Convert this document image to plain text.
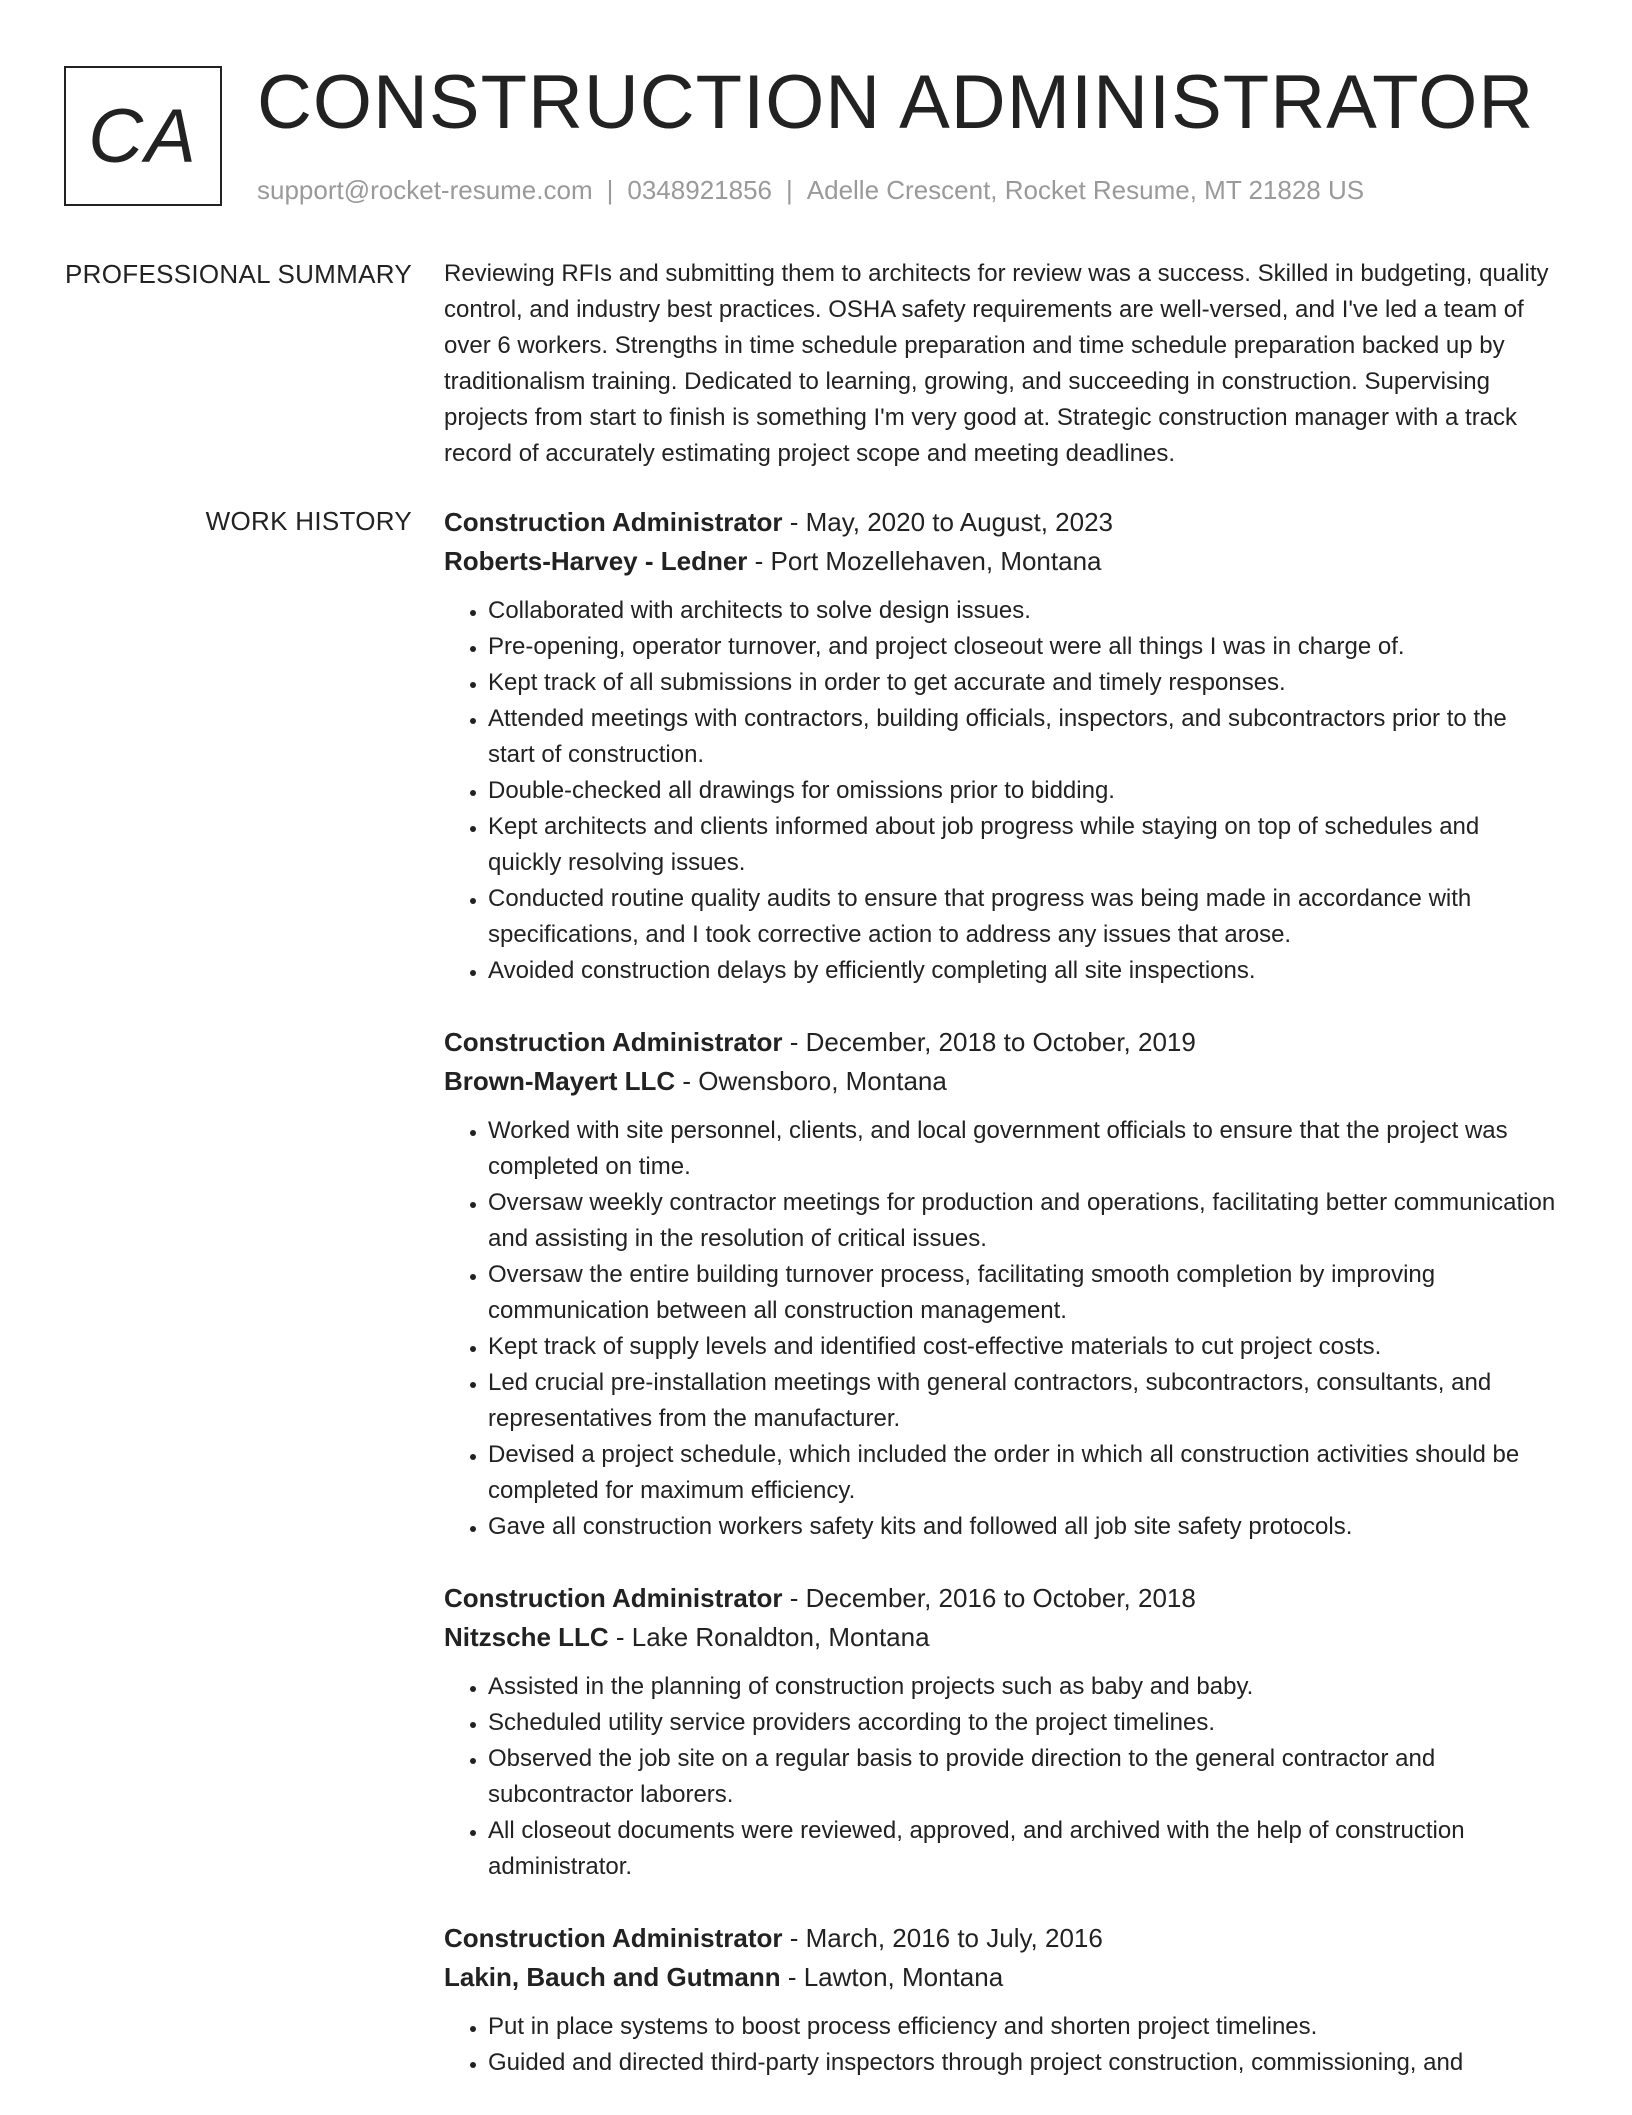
CA CONSTRUCTION ADMINISTRATOR
support@rocket-resume.com | 0348921856 | Adelle Crescent, Rocket Resume, MT 21828 US
PROFESSIONAL SUMMARY Reviewing RFIs and submitting them to architects for review was a success. Skilled in budgeting, quality control, and industry best practices. OSHA safety requirements are well-versed, and I've led a team of over 6 workers. Strengths in time schedule preparation and time schedule preparation backed up by traditionalism training. Dedicated to learning, growing, and succeeding in construction. Supervising projects from start to finish is something I'm very good at. Strategic construction manager with a track record of accurately estimating project scope and meeting deadlines.

WORK HISTORY Construction Administrator - May, 2020 to August, 2023

Roberts-Harvey - Ledner - Port Mozellehaven, Montana

• Collaborated with architects to solve design issues.
• Pre-opening, operator turnover, and project closeout were all things I was in charge of.
• Kept track of all submissions in order to get accurate and timely responses.
• Attended meetings with contractors, building officials, inspectors, and subcontractors prior to the start of construction.
• Double-checked all drawings for omissions prior to bidding.
• Kept architects and clients informed about job progress while staying on top of schedules and quickly resolving issues.
• Conducted routine quality audits to ensure that progress was being made in accordance with specifications, and I took corrective action to address any issues that arose.
• Avoided construction delays by efficiently completing all site inspections.

Construction Administrator - December, 2018 to October, 2019

Brown-Mayert LLC - Owensboro, Montana

• Worked with site personnel, clients, and local government officials to ensure that the project was completed on time.
• Oversaw weekly contractor meetings for production and operations, facilitating better communication and assisting in the resolution of critical issues.
• Oversaw the entire building turnover process, facilitating smooth completion by improving communication between all construction management.
• Kept track of supply levels and identified cost-effective materials to cut project costs.
• Led crucial pre-installation meetings with general contractors, subcontractors, consultants, and representatives from the manufacturer.
• Devised a project schedule, which included the order in which all construction activities should be completed for maximum efficiency.
• Gave all construction workers safety kits and followed all job site safety protocols.

Construction Administrator - December, 2016 to October, 2018

Nitzsche LLC - Lake Ronaldton, Montana

• Assisted in the planning of construction projects such as baby and baby.
• Scheduled utility service providers according to the project timelines.
• Observed the job site on a regular basis to provide direction to the general contractor and subcontractor laborers.
• All closeout documents were reviewed, approved, and archived with the help of construction administrator.

Construction Administrator - March, 2016 to July, 2016

Lakin, Bauch and Gutmann - Lawton, Montana

• Put in place systems to boost process efficiency and shorten project timelines.
• Guided and directed third-party inspectors through project construction, commissioning, and
